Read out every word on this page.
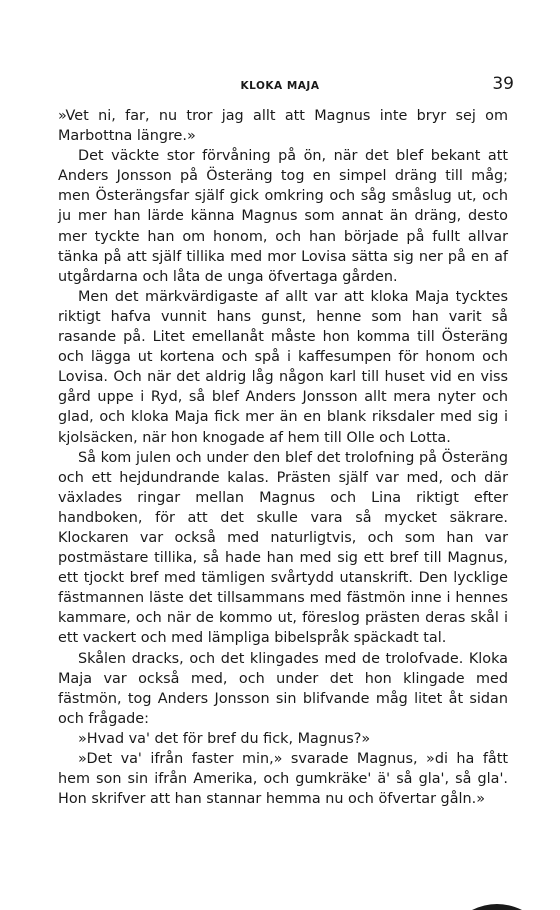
KLOKA MAJA	39

»Vet ni, far, nu tror jag allt att Magnus inte bryr sej om Marbottna längre.»

Det väckte stor förvåning på ön, när det blef bekant att Anders Jonsson på Österäng tog en simpel dräng till måg; men Österängsfar själf gick omkring och såg småslug ut, och ju mer han lärde känna Magnus som annat än dräng, desto mer tyckte han om honom, och han började på fullt allvar tänka på att själf tillika med mor Lovisa sätta sig ner på en af utgårdarna och låta de unga öfvertaga gården.

Men det märkvärdigaste af allt var att kloka Maja tycktes riktigt hafva vunnit hans gunst, henne som han varit så rasande på. Litet emellanåt måste hon komma till Österäng och lägga ut kortena och spå i kaffesumpen för honom och Lovisa. Och när det aldrig låg någon karl till huset vid en viss gård uppe i Ryd, så blef Anders Jonsson allt mera nyter och glad, och kloka Maja fick mer än en blank riksdaler med sig i kjolsäcken, när hon knogade af hem till Olle och Lotta.

Så kom julen och under den blef det trolofning på Österäng och ett hejdundrande kalas. Prästen själf var med, och där växlades ringar mellan Magnus och Lina riktigt efter handboken, för att det skulle vara så mycket säkrare. Klockaren var också med naturligtvis, och som han var postmästare tillika, så hade han med sig ett bref till Magnus, ett tjockt bref med tämligen svårtydd utanskrift. Den lycklige fästmannen läste det tillsammans med fästmön inne i hennes kammare, och när de kommo ut, föreslog prästen deras skål i ett vackert och med lämpliga bibelspråk späckadt tal.

Skålen dracks, och det klingades med de trolofvade. Kloka Maja var också med, och under det hon klingade med fästmön, tog Anders Jonsson sin blifvande måg litet åt sidan och frågade:

»Hvad va' det för bref du fick, Magnus?»

»Det va' ifrån faster min,» svarade Magnus, »di ha fått hem son sin ifrån Amerika, och gumkräke' ä' så gla', så gla'. Hon skrifver att han stannar hemma nu och öfvertar gåln.»
